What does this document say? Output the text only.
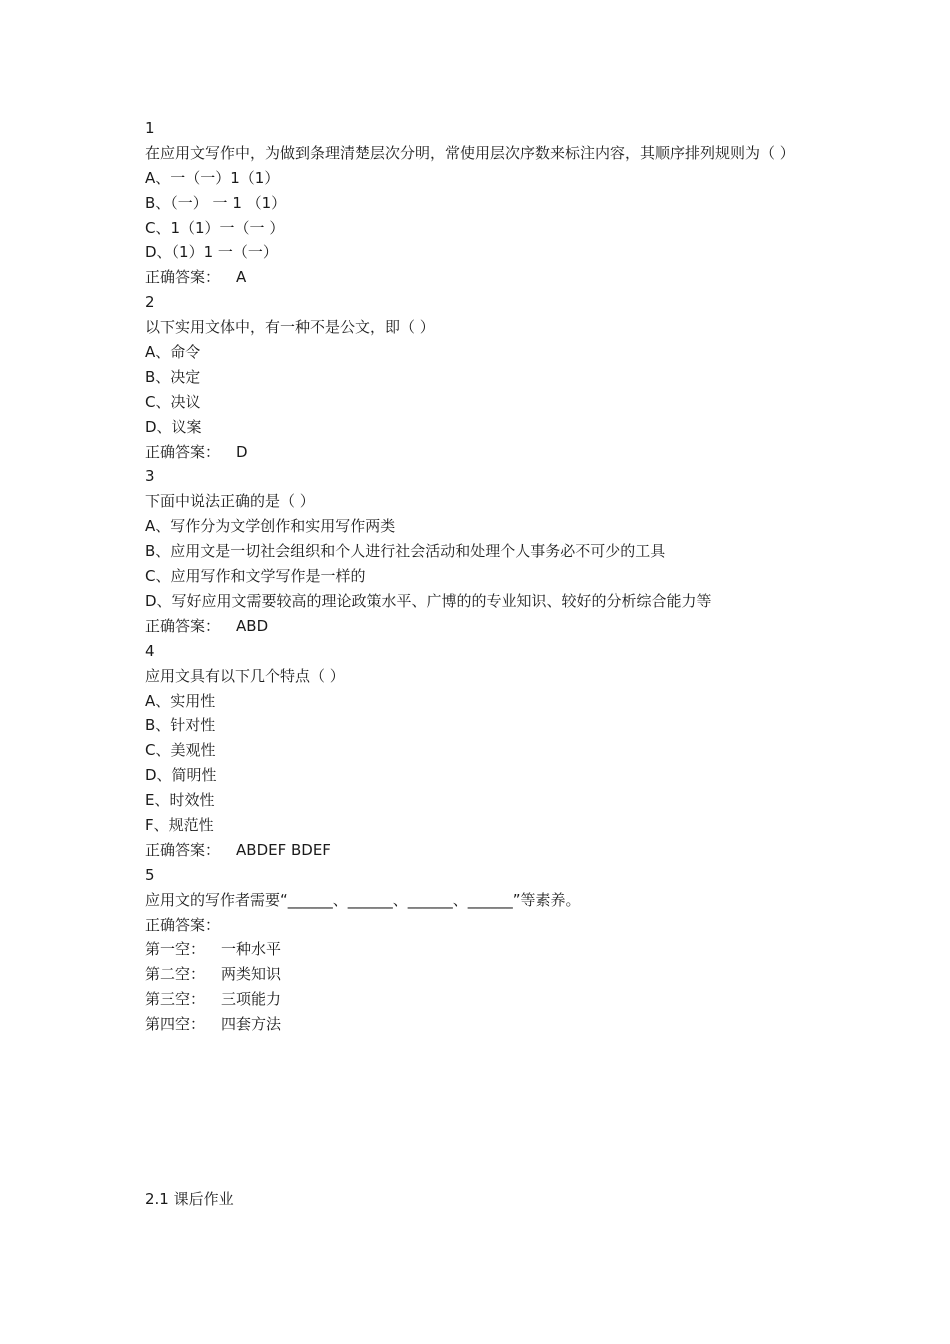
1
在应用文写作中，为做到条理清楚层次分明，常使用层次序数来标注内容，其顺序排列规则为（ ）
A、一（一）1（1）
B、（一） 一 1 （1）
C、1（1）一（一 ）
D、（1）1 一（一）
正确答案： A
2
以下实用文体中，有一种不是公文，即（ ）
A、命令
B、决定
C、决议
D、议案
正确答案： D
3
下面中说法正确的是（ ）
A、写作分为文学创作和实用写作两类
B、应用文是一切社会组织和个人进行社会活动和处理个人事务必不可少的工具
C、应用写作和文学写作是一样的
D、写好应用文需要较高的理论政策水平、广博的的专业知识、较好的分析综合能力等
正确答案： ABD
4
应用文具有以下几个特点（ ）
A、实用性
B、针对性
C、美观性
D、简明性
E、时效性
F、规范性
正确答案： ABDEF BDEF
5
应用文的写作者需要“______、______、______、______”等素养。
正确答案：
第一空： 一种水平
第二空： 两类知识
第三空： 三项能力
第四空： 四套方法
2.1 课后作业
